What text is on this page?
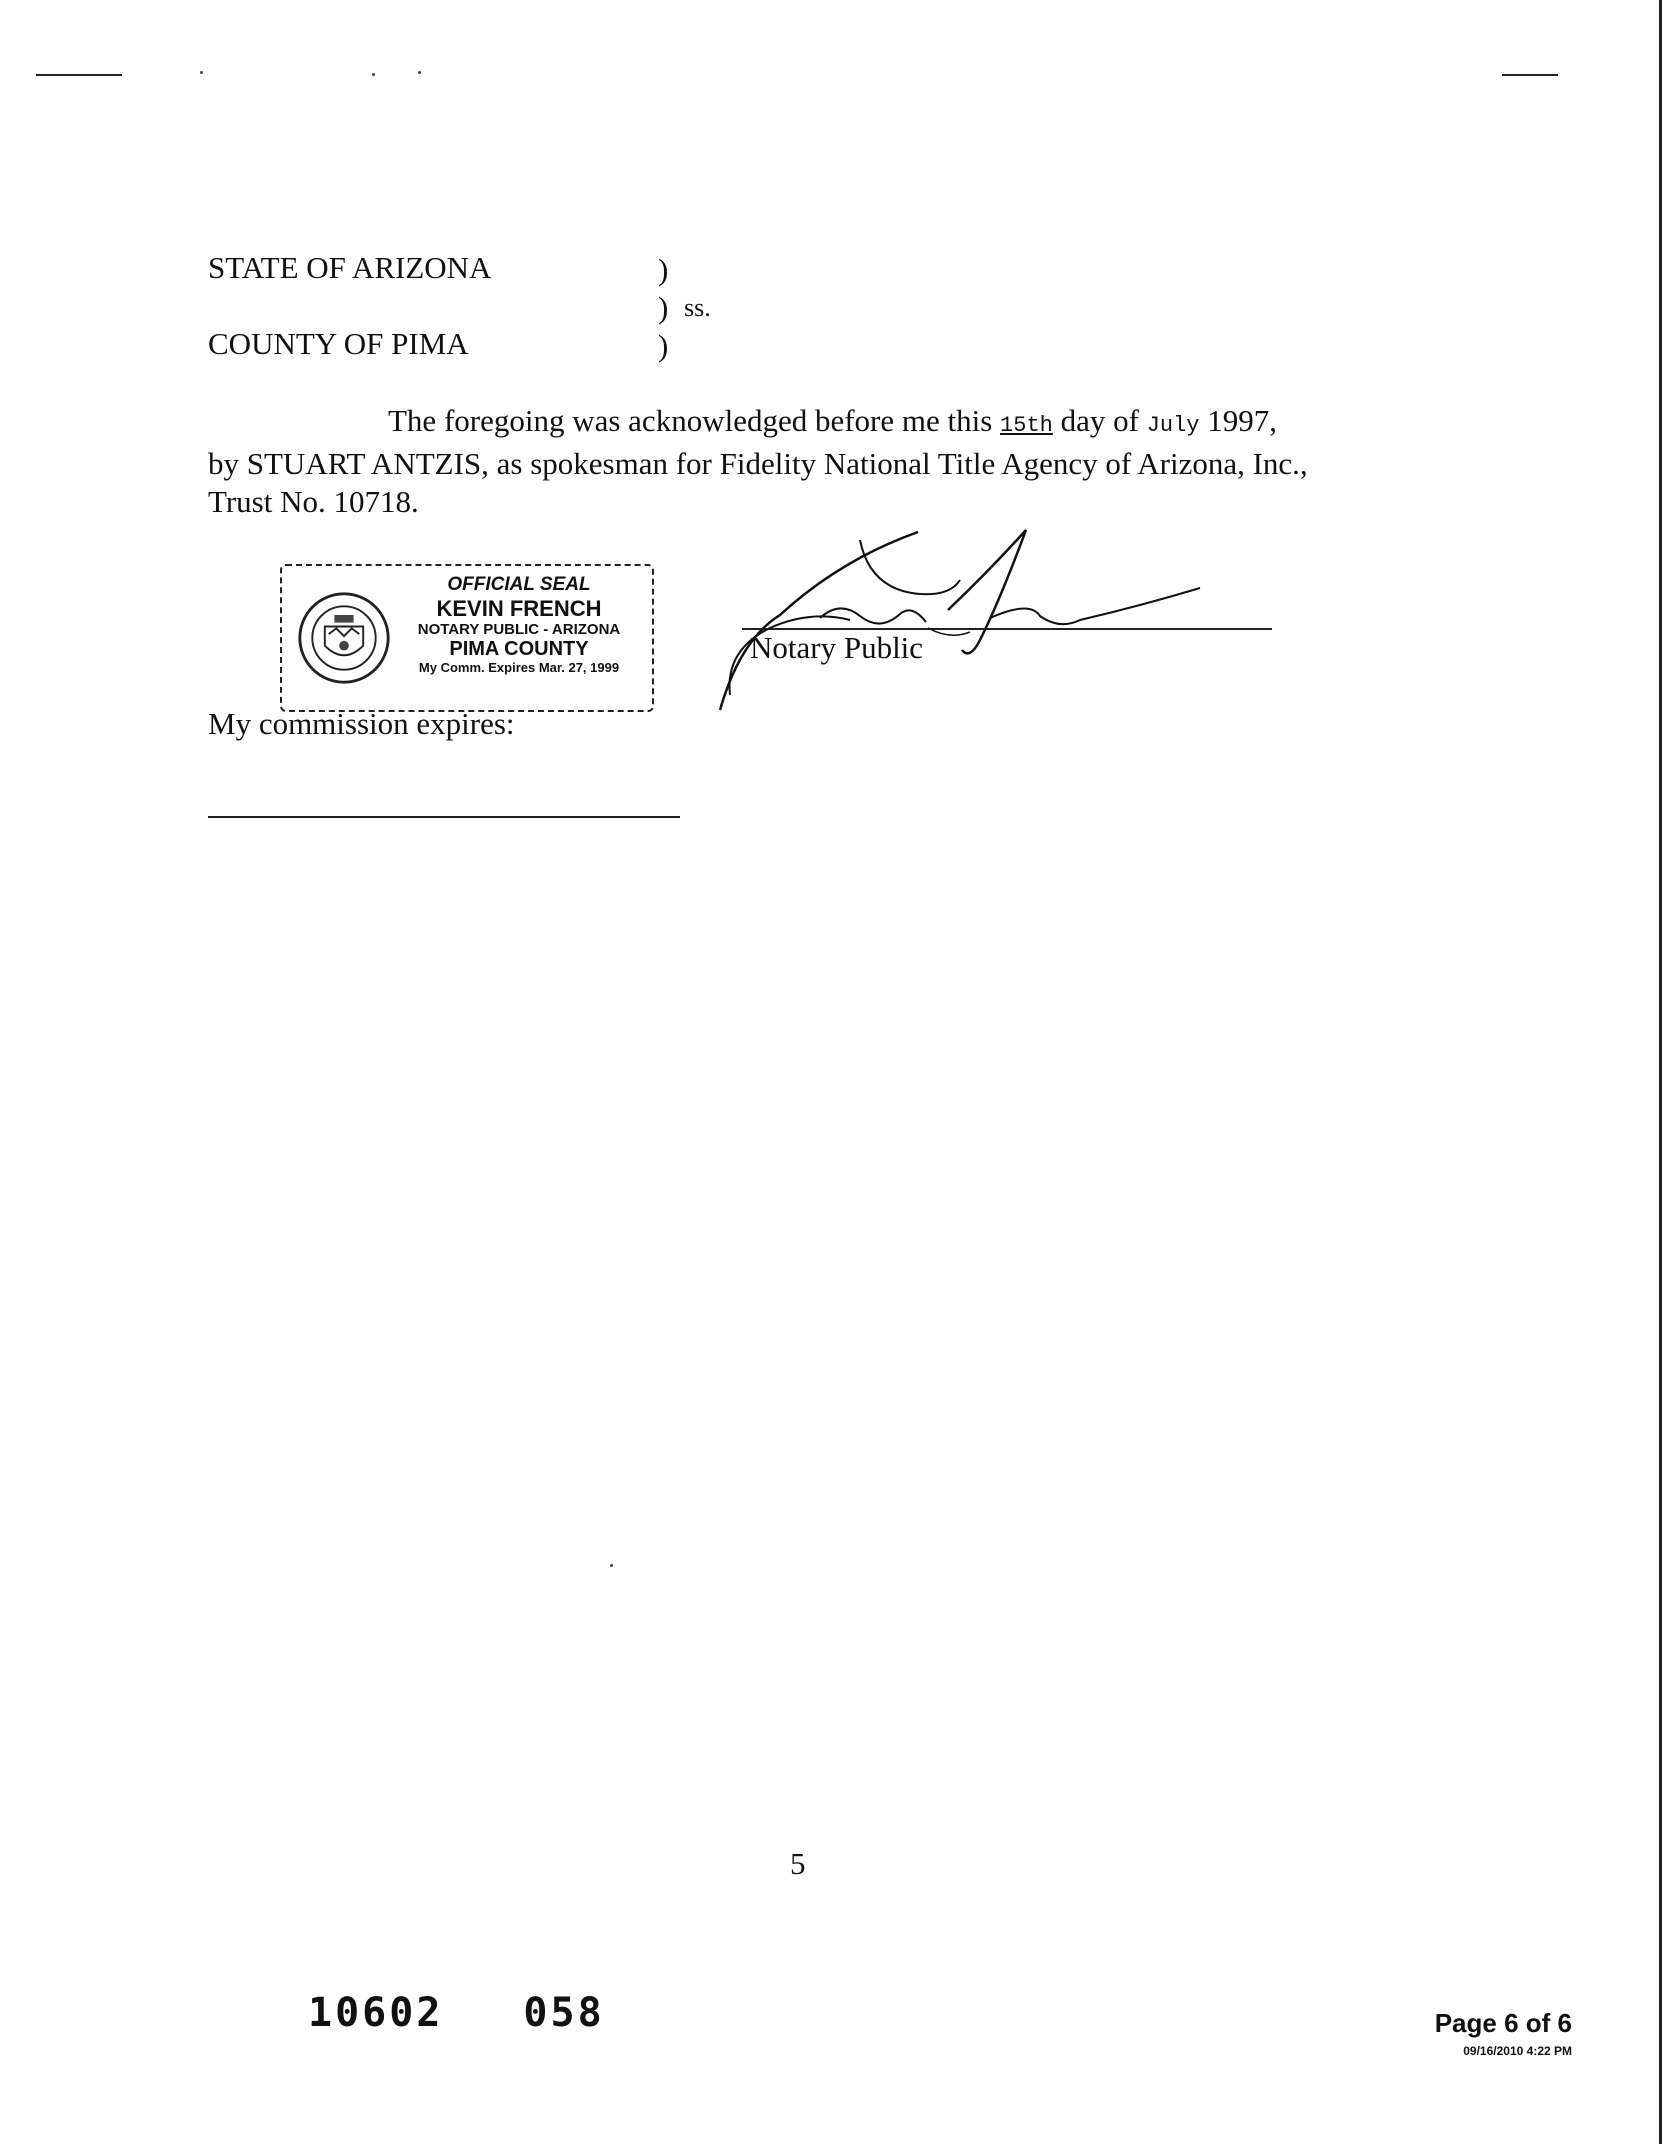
STATE OF ARIZONA
COUNTY OF PIMA
)
) ss.
)
The foregoing was acknowledged before me this 15th day of July 1997,
by STUART ANTZIS, as spokesman for Fidelity National Title Agency of Arizona, Inc.,
Trust No. 10718.
OFFICIAL SEAL
KEVIN FRENCH
NOTARY PUBLIC - ARIZONA
PIMA COUNTY
My Comm. Expires Mar. 27, 1999
Notary Public
My commission expires:
5
10602 058	Page 6 of 6
09/16/2010 4:22 PM
